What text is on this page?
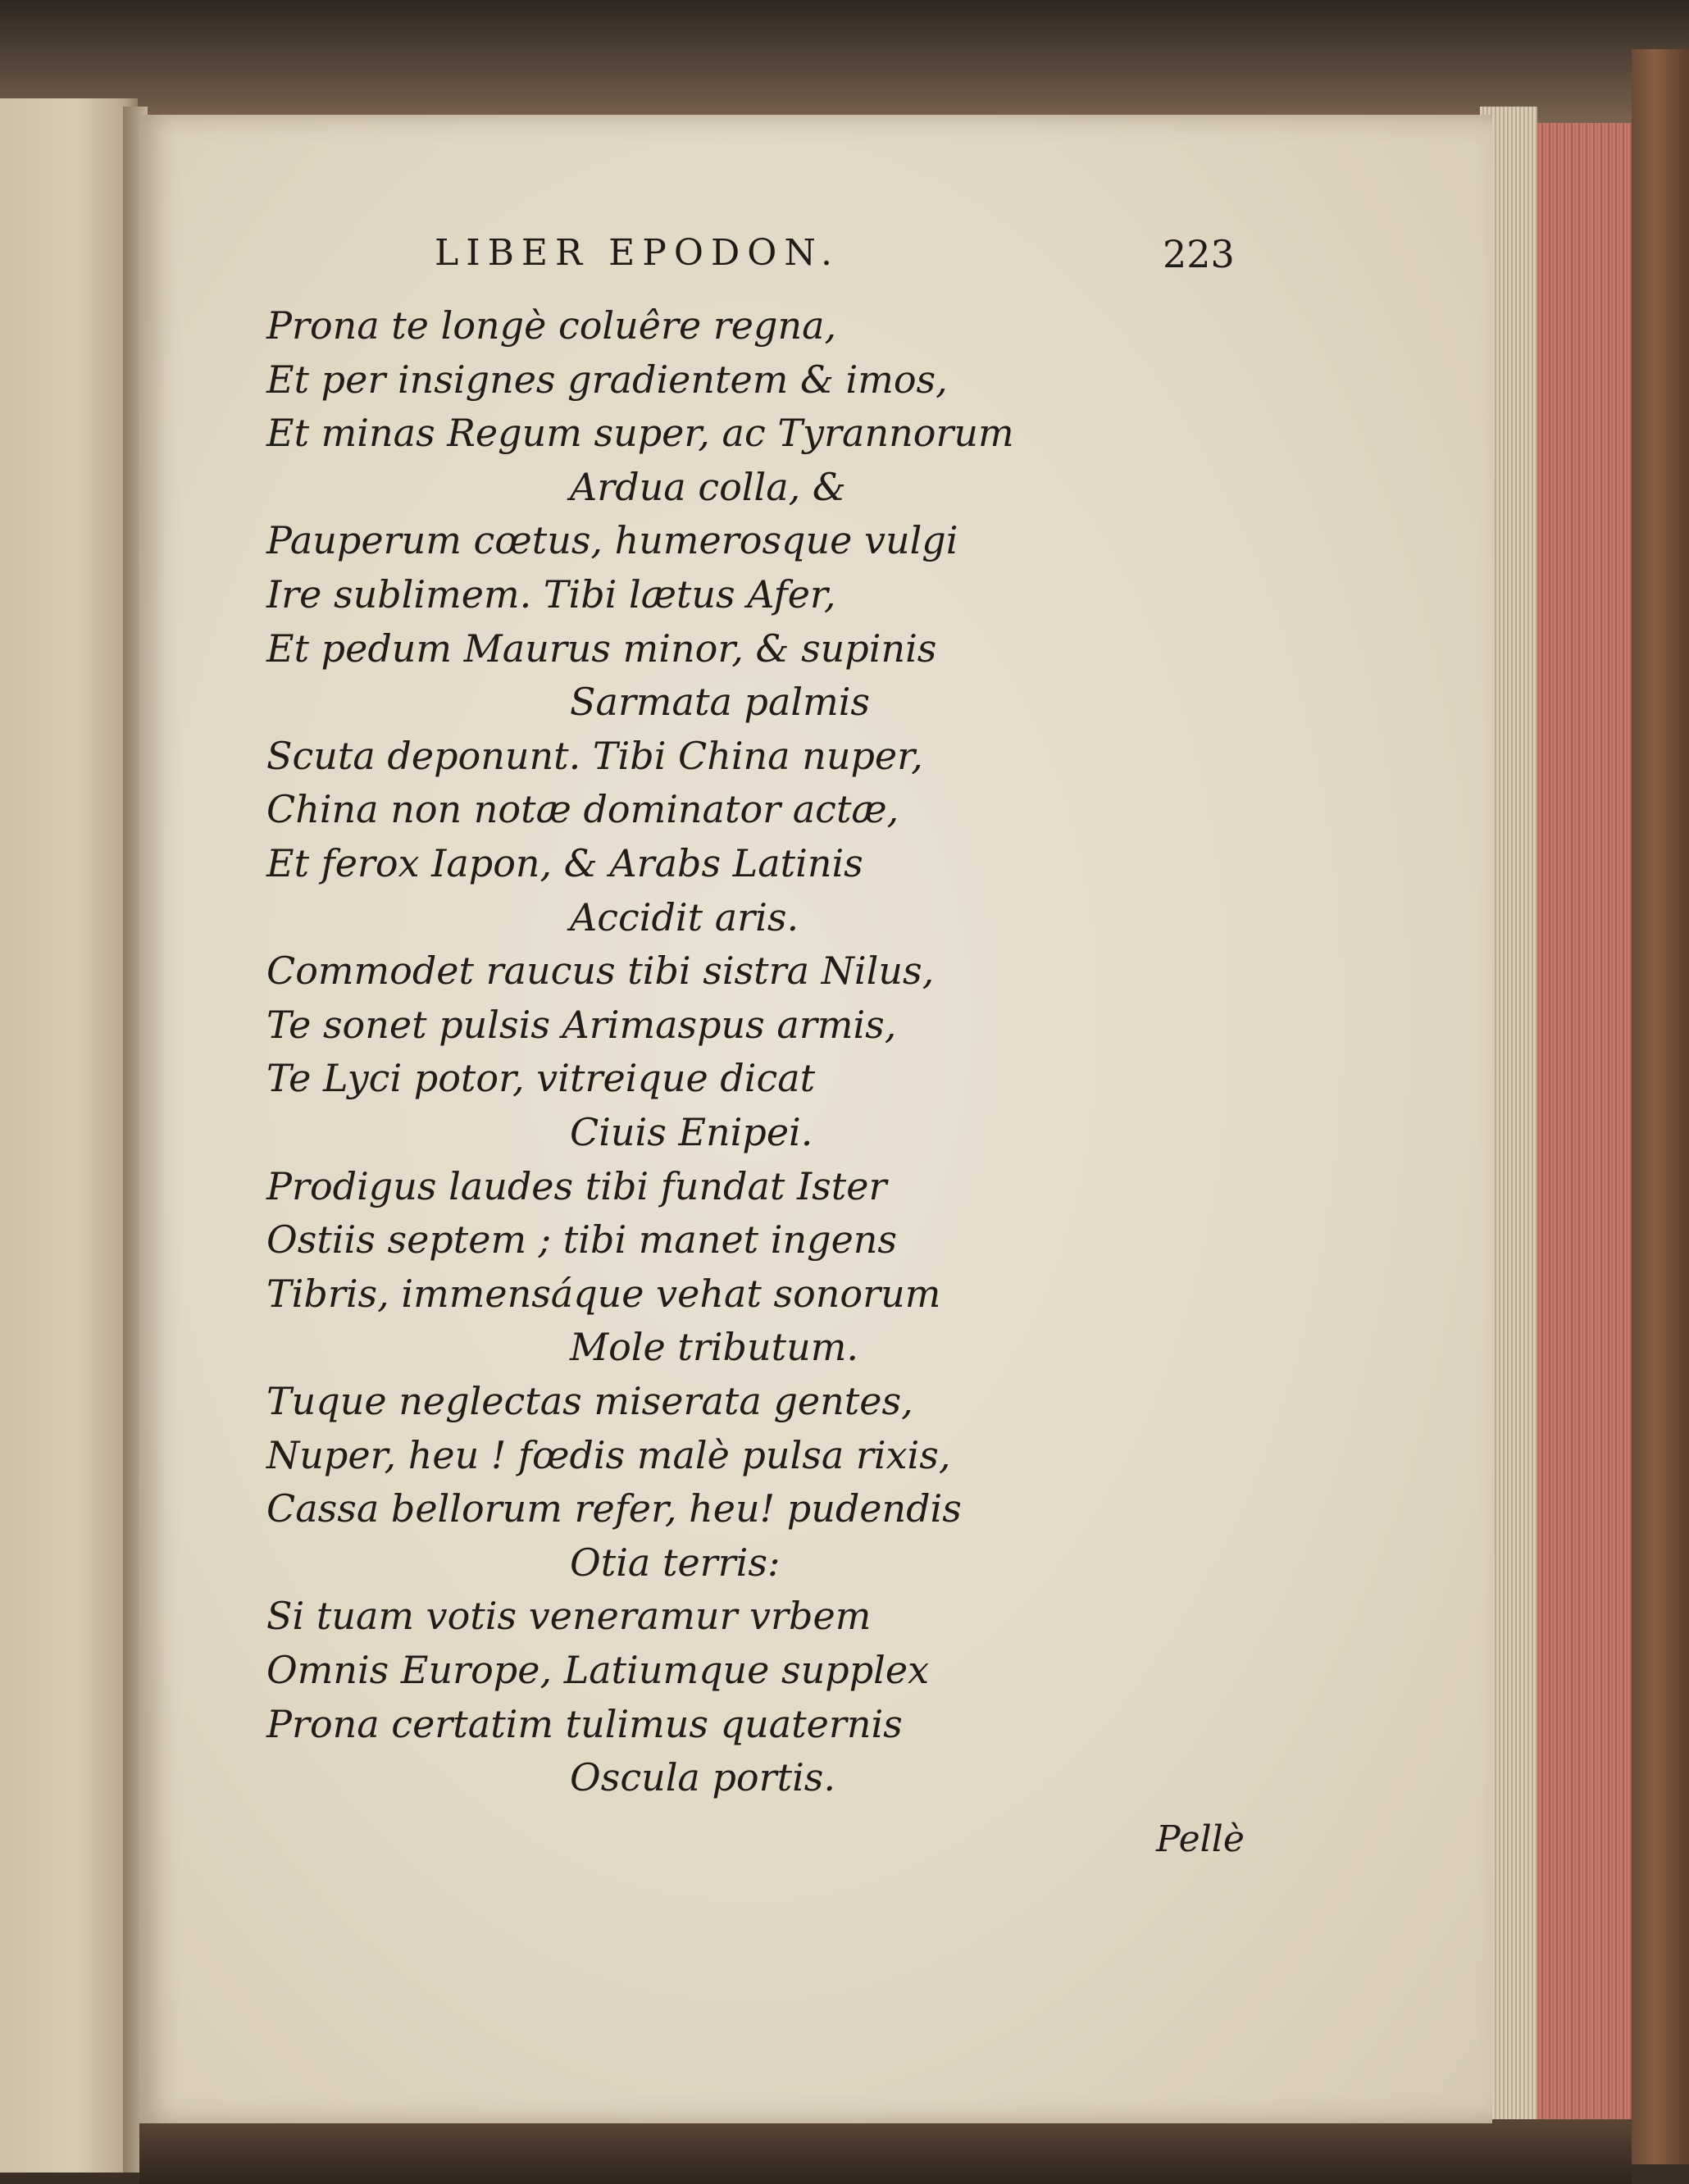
LIBER EPODON.	223
Prona te longè coluêre regna,
Et per insignes gradientem & imos,
Et minas Regum super, ac Tyrannorum
Ardua colla, &
Pauperum cœtus, humerosque vulgi
Ire sublimem. Tibi lætus Afer,
Et pedum Maurus minor, & supinis
Sarmata palmis
Scuta deponunt. Tibi China nuper,
China non notæ dominator actæ,
Et ferox Iapon, & Arabs Latinis
Accidit aris.
Commodet raucus tibi sistra Nilus,
Te sonet pulsis Arimaspus armis,
Te Lyci potor, vitreique dicat
Ciuis Enipei.
Prodigus laudes tibi fundat Ister
Ostiis septem ; tibi manet ingens
Tibris, immensáque vehat sonorum
Mole tributum.
Tuque neglectas miserata gentes,
Nuper, heu ! fœdis malè pulsa rixis,
Cassa bellorum refer, heu! pudendis
Otia terris:
Si tuam votis veneramur vrbem
Omnis Europe, Latiumque supplex
Prona certatim tulimus quaternis
Oscula portis.
Pellè
